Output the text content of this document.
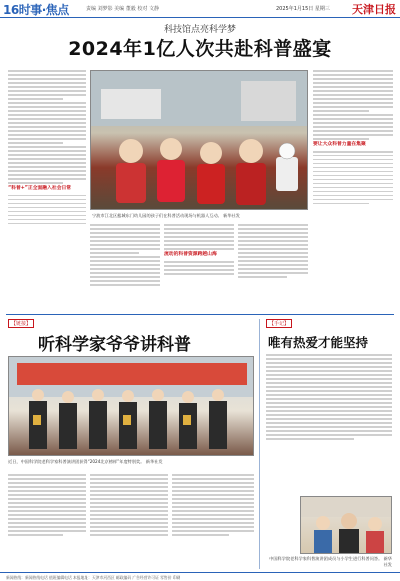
16时事·焦点	责编 刘梦影 美编 董毅 校对 文静	2025年1月15日 星期三 天津日报
科技馆点亮科学梦
2024年1亿人次共赴科普盛宴
“科普+”正全面融入社会日常
宁波市江北区慈城东门幼儿园的孩子们在科普活动现场与机器人互动。 新华社发
流动的科普资源跨越山海
要让大众科普力量在集聚
【链接】
听科学家爷爷讲科普
近日，中国科学院老科学家科普演讲团获得“2024北京榜样”年度特别奖。 新华社发
【手记】
唯有热爱才能坚持
中国科学院老科学家科普演讲团成员与小学生进行科普问答。 新华社发
新闻热线：新闻热线电话 值班编辑电话 本报地址：天津市河西区 邮政编码 广告经营许可证 零售价 印刷
